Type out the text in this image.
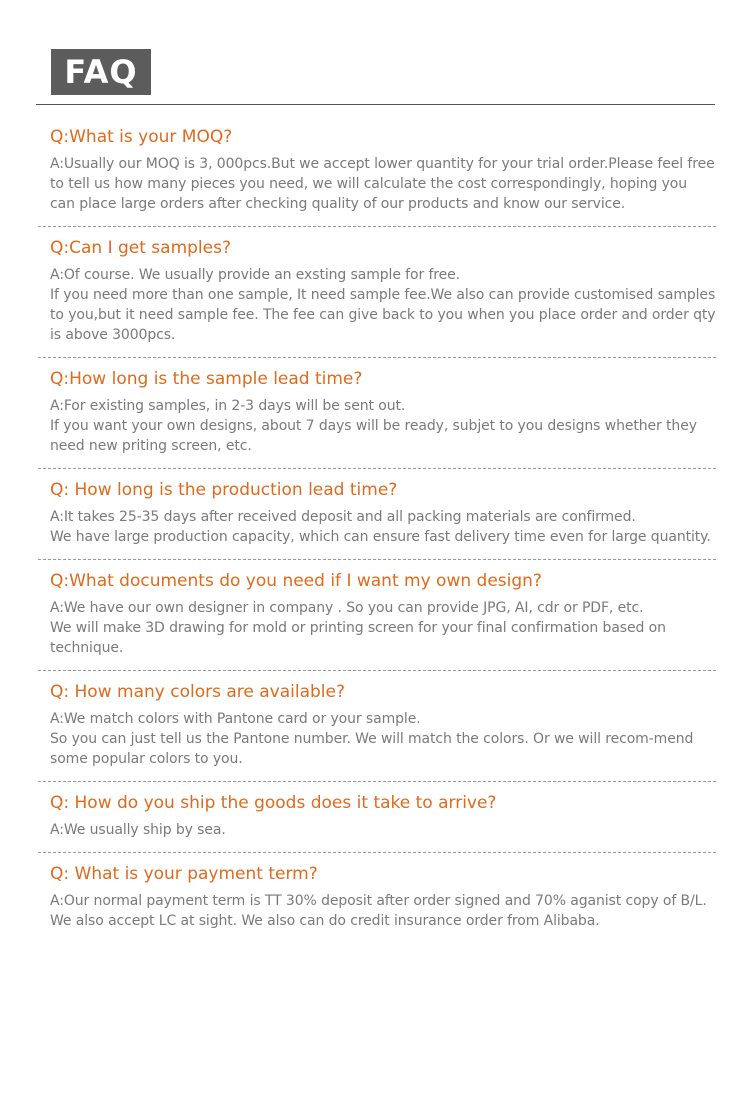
FAQ

Q:What is your MOQ?

A:Usually our MOQ is 3, 000pcs.But we accept lower quantity for your trial order.Please feel free to tell us how many pieces you need, we will calculate the cost correspondingly, hoping you can place large orders after checking quality of our products and know our service.

Q:Can I get samples?

A:Of course. We usually provide an exsting sample for free.
If you need more than one sample, It need sample fee.We also can provide customised samples to you,but it need sample fee. The fee can give back to you when you place order and order qty is above 3000pcs.

Q:How long is the sample lead time?

A:For existing samples, in 2-3 days will be sent out.
If you want your own designs, about 7 days will be ready, subjet to you designs whether they need new priting screen, etc.

Q: How long is the production lead time?

A:It takes 25-35 days after received deposit and all packing materials are confirmed.
We have large production capacity, which can ensure fast delivery time even for large quantity.

Q:What documents do you need if I want my own design?

A:We have our own designer in company . So you can provide JPG, AI, cdr or PDF, etc.
We will make 3D drawing for mold or printing screen for your final confirmation based on technique.

Q: How many colors are available?

A:We match colors with Pantone card or your sample.
So you can just tell us the Pantone number. We will match the colors. Or we will recom-mend some popular colors to you.

Q: How do you ship the goods does it take to arrive?

A:We usually ship by sea.

Q: What is your payment term?

A:Our normal payment term is TT 30% deposit after order signed and 70% aganist copy of B/L. We also accept LC at sight. We also can do credit insurance order from Alibaba.
